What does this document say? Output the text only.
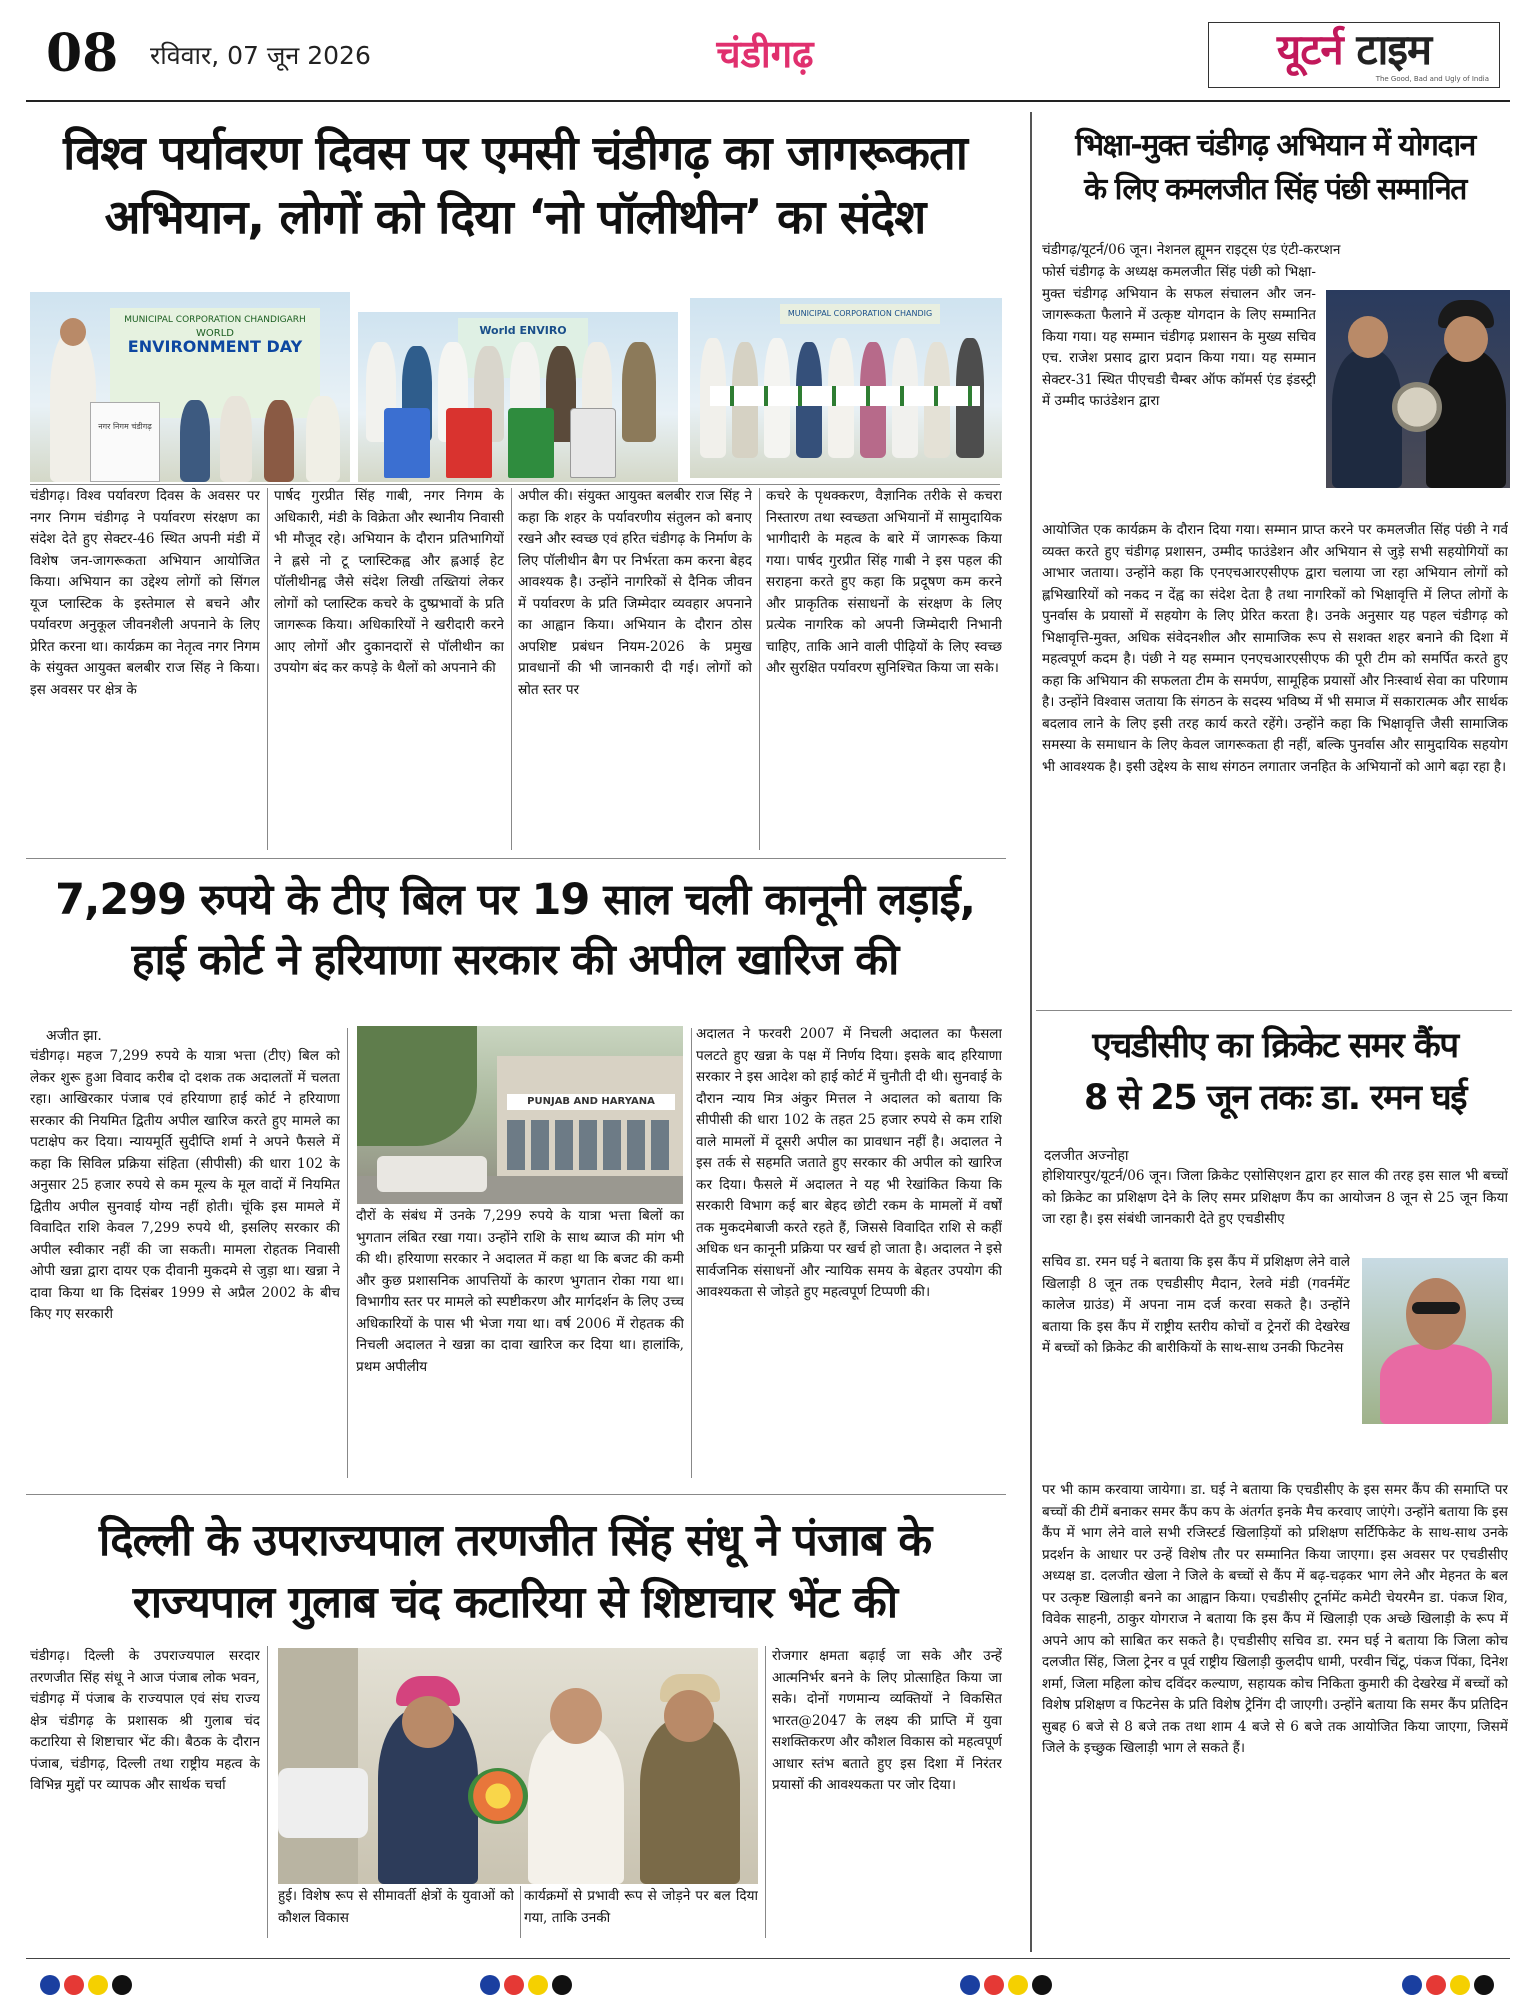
08 रविवार, 07 जून 2026	चंडीगढ़	यूटर्न टाइम
The Good, Bad and Ugly of India
विश्व पर्यावरण दिवस पर एमसी चंडीगढ़ का जागरूकता
अभियान, लोगों को दिया ‘नो पॉलीथीन’ का संदेश
MUNICIPAL CORPORATION CHANDIGARH
WORLD
ENVIRONMENT DAY
नगर निगम चंडीगढ़
World ENVIRO
MUNICIPAL CORPORATION CHANDIG
चंडीगढ़। विश्व पर्यावरण दिवस के अवसर पर नगर निगम चंडीगढ़ ने पर्यावरण संरक्षण का संदेश देते हुए सेक्टर-46 स्थित अपनी मंडी में विशेष जन-जागरूकता अभियान आयोजित किया। अभियान का उद्देश्य लोगों को सिंगल यूज प्लास्टिक के इस्तेमाल से बचने और पर्यावरण अनुकूल जीवनशैली अपनाने के लिए प्रेरित करना था। कार्यक्रम का नेतृत्व नगर निगम के संयुक्त आयुक्त बलबीर राज सिंह ने किया। इस अवसर पर क्षेत्र के
पार्षद गुरप्रीत सिंह गाबी, नगर निगम के अधिकारी, मंडी के विक्रेता और स्थानीय निवासी भी मौजूद रहे। अभियान के दौरान प्रतिभागियों ने ह्लसे नो टू प्लास्टिकह्व और ह्लआई हेट पॉलीथीनह्व जैसे संदेश लिखी तख्तियां लेकर लोगों को प्लास्टिक कचरे के दुष्प्रभावों के प्रति जागरूक किया। अधिकारियों ने खरीदारी करने आए लोगों और दुकानदारों से पॉलीथीन का उपयोग बंद कर कपड़े के थैलों को अपनाने की
अपील की। संयुक्त आयुक्त बलबीर राज सिंह ने कहा कि शहर के पर्यावरणीय संतुलन को बनाए रखने और स्वच्छ एवं हरित चंडीगढ़ के निर्माण के लिए पॉलीथीन बैग पर निर्भरता कम करना बेहद आवश्यक है। उन्होंने नागरिकों से दैनिक जीवन में पर्यावरण के प्रति जिम्मेदार व्यवहार अपनाने का आह्वान किया। अभियान के दौरान ठोस अपशिष्ट प्रबंधन नियम-2026 के प्रमुख प्रावधानों की भी जानकारी दी गई। लोगों को स्रोत स्तर पर
कचरे के पृथक्करण, वैज्ञानिक तरीके से कचरा निस्तारण तथा स्वच्छता अभियानों में सामुदायिक भागीदारी के महत्व के बारे में जागरूक किया गया। पार्षद गुरप्रीत सिंह गाबी ने इस पहल की सराहना करते हुए कहा कि प्रदूषण कम करने और प्राकृतिक संसाधनों के संरक्षण के लिए प्रत्येक नागरिक को अपनी जिम्मेदारी निभानी चाहिए, ताकि आने वाली पीढ़ियों के लिए स्वच्छ और सुरक्षित पर्यावरण सुनिश्चित किया जा सके।
7,299 रुपये के टीए बिल पर 19 साल चली कानूनी लड़ाई,
हाई कोर्ट ने हरियाणा सरकार की अपील खारिज की
अजीत झा.
चंडीगढ़। महज 7,299 रुपये के यात्रा भत्ता (टीए) बिल को लेकर शुरू हुआ विवाद करीब दो दशक तक अदालतों में चलता रहा। आखिरकार पंजाब एवं हरियाणा हाई कोर्ट ने हरियाणा सरकार की नियमित द्वितीय अपील खारिज करते हुए मामले का पटाक्षेप कर दिया। न्यायमूर्ति सुदीप्ति शर्मा ने अपने फैसले में कहा कि सिविल प्रक्रिया संहिता (सीपीसी) की धारा 102 के अनुसार 25 हजार रुपये से कम मूल्य के मूल वादों में नियमित द्वितीय अपील सुनवाई योग्य नहीं होती। चूंकि इस मामले में विवादित राशि केवल 7,299 रुपये थी, इसलिए सरकार की अपील स्वीकार नहीं की जा सकती। मामला रोहतक निवासी ओपी खन्ना द्वारा दायर एक दीवानी मुकदमे से जुड़ा था। खन्ना ने दावा किया था कि दिसंबर 1999 से अप्रैल 2002 के बीच किए गए सरकारी
PUNJAB AND HARYANA
दौरों के संबंध में उनके 7,299 रुपये के यात्रा भत्ता बिलों का भुगतान लंबित रखा गया। उन्होंने राशि के साथ ब्याज की मांग भी की थी। हरियाणा सरकार ने अदालत में कहा था कि बजट की कमी और कुछ प्रशासनिक आपत्तियों के कारण भुगतान रोका गया था। विभागीय स्तर पर मामले को स्पष्टीकरण और मार्गदर्शन के लिए उच्च अधिकारियों के पास भी भेजा गया था। वर्ष 2006 में रोहतक की निचली अदालत ने खन्ना का दावा खारिज कर दिया था। हालांकि, प्रथम अपीलीय
अदालत ने फरवरी 2007 में निचली अदालत का फैसला पलटते हुए खन्ना के पक्ष में निर्णय दिया। इसके बाद हरियाणा सरकार ने इस आदेश को हाई कोर्ट में चुनौती दी थी। सुनवाई के दौरान न्याय मित्र अंकुर मित्तल ने अदालत को बताया कि सीपीसी की धारा 102 के तहत 25 हजार रुपये से कम राशि वाले मामलों में दूसरी अपील का प्रावधान नहीं है। अदालत ने इस तर्क से सहमति जताते हुए सरकार की अपील को खारिज कर दिया। फैसले में अदालत ने यह भी रेखांकित किया कि सरकारी विभाग कई बार बेहद छोटी रकम के मामलों में वर्षों तक मुकदमेबाजी करते रहते हैं, जिससे विवादित राशि से कहीं अधिक धन कानूनी प्रक्रिया पर खर्च हो जाता है। अदालत ने इसे सार्वजनिक संसाधनों और न्यायिक समय के बेहतर उपयोग की आवश्यकता से जोड़ते हुए महत्वपूर्ण टिप्पणी की।
दिल्ली के उपराज्यपाल तरणजीत सिंह संधू ने पंजाब के
राज्यपाल गुलाब चंद कटारिया से शिष्टाचार भेंट की
चंडीगढ़। दिल्ली के उपराज्यपाल सरदार तरणजीत सिंह संधू ने आज पंजाब लोक भवन, चंडीगढ़ में पंजाब के राज्यपाल एवं संघ राज्य क्षेत्र चंडीगढ़ के प्रशासक श्री गुलाब चंद कटारिया से शिष्टाचार भेंट की। बैठक के दौरान पंजाब, चंडीगढ़, दिल्ली तथा राष्ट्रीय महत्व के विभिन्न मुद्दों पर व्यापक और सार्थक चर्चा
हुई। विशेष रूप से सीमावर्ती क्षेत्रों के युवाओं को कौशल विकास
कार्यक्रमों से प्रभावी रूप से जोड़ने पर बल दिया गया, ताकि उनकी
रोजगार क्षमता बढ़ाई जा सके और उन्हें आत्मनिर्भर बनने के लिए प्रोत्साहित किया जा सके। दोनों गणमान्य व्यक्तियों ने विकसित भारत@2047 के लक्ष्य की प्राप्ति में युवा सशक्तिकरण और कौशल विकास को महत्वपूर्ण आधार स्तंभ बताते हुए इस दिशा में निरंतर प्रयासों की आवश्यकता पर जोर दिया।
भिक्षा-मुक्त चंडीगढ़ अभियान में योगदान
के लिए कमलजीत सिंह पंछी सम्मानित
चंडीगढ़/यूटर्न/06 जून। नेशनल ह्यूमन राइट्स एंड एंटी-करप्शन
फोर्स चंडीगढ़ के अध्यक्ष कमलजीत सिंह पंछी को भिक्षा-मुक्त चंडीगढ़ अभियान के सफल संचालन और जन-जागरूकता फैलाने में उत्कृष्ट योगदान के लिए सम्मानित किया गया। यह सम्मान चंडीगढ़ प्रशासन के मुख्य सचिव एच. राजेश प्रसाद द्वारा प्रदान किया गया। यह सम्मान सेक्टर-31 स्थित पीएचडी चैम्बर ऑफ कॉमर्स एंड इंडस्ट्री में उम्मीद फाउंडेशन द्वारा
आयोजित एक कार्यक्रम के दौरान दिया गया। सम्मान प्राप्त करने पर कमलजीत सिंह पंछी ने गर्व व्यक्त करते हुए चंडीगढ़ प्रशासन, उम्मीद फाउंडेशन और अभियान से जुड़े सभी सहयोगियों का आभार जताया। उन्होंने कहा कि एनएचआरएसीएफ द्वारा चलाया जा रहा अभियान लोगों को ह्लभिखारियों को नकद न देंह्व का संदेश देता है तथा नागरिकों को भिक्षावृत्ति में लिप्त लोगों के पुनर्वास के प्रयासों में सहयोग के लिए प्रेरित करता है। उनके अनुसार यह पहल चंडीगढ़ को भिक्षावृत्ति-मुक्त, अधिक संवेदनशील और सामाजिक रूप से सशक्त शहर बनाने की दिशा में महत्वपूर्ण कदम है। पंछी ने यह सम्मान एनएचआरएसीएफ की पूरी टीम को समर्पित करते हुए कहा कि अभियान की सफलता टीम के समर्पण, सामूहिक प्रयासों और निःस्वार्थ सेवा का परिणाम है। उन्होंने विश्वास जताया कि संगठन के सदस्य भविष्य में भी समाज में सकारात्मक और सार्थक बदलाव लाने के लिए इसी तरह कार्य करते रहेंगे। उन्होंने कहा कि भिक्षावृत्ति जैसी सामाजिक समस्या के समाधान के लिए केवल जागरूकता ही नहीं, बल्कि पुनर्वास और सामुदायिक सहयोग भी आवश्यक है। इसी उद्देश्य के साथ संगठन लगातार जनहित के अभियानों को आगे बढ़ा रहा है।
एचडीसीए का क्रिकेट समर कैंप
8 से 25 जून तकः डा. रमन घई
दलजीत अज्नोहा
होशियारपुर/यूटर्न/06 जून। जिला क्रिकेट एसोसिएशन द्वारा हर साल की तरह इस साल भी बच्चों को क्रिकेट का प्रशिक्षण देने के लिए समर प्रशिक्षण कैंप का आयोजन 8 जून से 25 जून किया जा रहा है। इस संबंधी जानकारी देते हुए एचडीसीए
सचिव डा. रमन घई ने बताया कि इस कैंप में प्रशिक्षण लेने वाले खिलाड़ी 8 जून तक एचडीसीए मैदान, रेलवे मंडी (गवर्नमेंट कालेज ग्राउंड) में अपना नाम दर्ज करवा सकते है। उन्होंने बताया कि इस कैंप में राष्ट्रीय स्तरीय कोचों व ट्रेनरों की देखरेख में बच्चों को क्रिकेट की बारीकियों के साथ-साथ उनकी फिटनेस
पर भी काम करवाया जायेगा। डा. घई ने बताया कि एचडीसीए के इस समर कैंप की समाप्ति पर बच्चों की टीमें बनाकर समर कैंप कप के अंतर्गत इनके मैच करवाए जाएंगे। उन्होंने बताया कि इस कैंप में भाग लेने वाले सभी रजिस्टर्ड खिलाड़ियों को प्रशिक्षण सर्टिफिकेट के साथ-साथ उनके प्रदर्शन के आधार पर उन्हें विशेष तौर पर सम्मानित किया जाएगा। इस अवसर पर एचडीसीए अध्यक्ष डा. दलजीत खेला ने जिले के बच्चों से कैंप में बढ़-चढ़कर भाग लेने और मेहनत के बल पर उत्कृष्ट खिलाड़ी बनने का आह्वान किया। एचडीसीए टूर्नामेंट कमेटी चेयरमैन डा. पंकज शिव, विवेक साहनी, ठाकुर योगराज ने बताया कि इस कैंप में खिलाड़ी एक अच्छे खिलाड़ी के रूप में अपने आप को साबित कर सकते है। एचडीसीए सचिव डा. रमन घई ने बताया कि जिला कोच दलजीत सिंह, जिला ट्रेनर व पूर्व राष्ट्रीय खिलाड़ी कुलदीप धामी, परवीन चिंटू, पंकज पिंका, दिनेश शर्मा, जिला महिला कोच दविंदर कल्याण, सहायक कोच निकिता कुमारी की देखरेख में बच्चों को विशेष प्रशिक्षण व फिटनेस के प्रति विशेष ट्रेनिंग दी जाएगी। उन्होंने बताया कि समर कैंप प्रतिदिन सुबह 6 बजे से 8 बजे तक तथा शाम 4 बजे से 6 बजे तक आयोजित किया जाएगा, जिसमें जिले के इच्छुक खिलाड़ी भाग ले सकते हैं।
